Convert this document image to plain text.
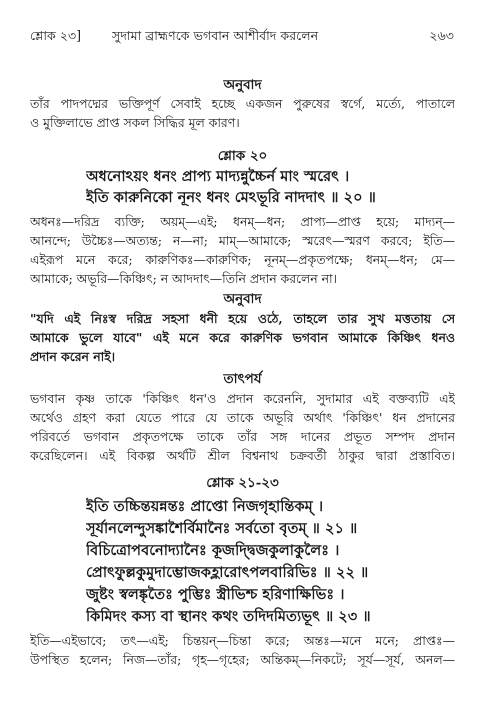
শ্লোক ২৩]	সুদামা ব্রাহ্মণকে ভগবান আশীর্বাদ করলেন	২৬৩
অনুবাদ
তাঁর পাদপদ্মের ভক্তিপূর্ণ সেবাই হচ্ছে একজন পুরুষের স্বর্গে, মর্ত্যে, পাতালে
ও মুক্তিলাভে প্রাপ্ত সকল সিদ্ধির মূল কারণ।
শ্লোক ২০
অধনোঽয়ং ধনং প্রাপ্য মাদ্যন্নুচ্চৈর্ন মাং স্মরেৎ ।
ইতি কারুনিকো নূনং ধনং মেঽভূরি নাদদাৎ ॥ ২০ ॥
অধনঃ—দরিদ্র ব্যক্তি; অয়ম্—এই; ধনম্—ধন; প্রাপ্য—প্রাপ্ত হয়ে; মাদ্যন্—
আনন্দে; উচ্চৈঃ—অত্যন্ত; ন—না; মাম্—আমাকে; স্মরেৎ—স্মরণ করবে; ইতি—
এইরূপ মনে করে; কারুণিকঃ—কারুণিক; নূনম্—প্রকৃতপক্ষে; ধনম্—ধন; মে—
আমাকে; অভূরি—কিঞ্চিৎ; ন আদদাৎ—তিনি প্রদান করলেন না।
অনুবাদ
"যদি এই নিঃস্ব দরিদ্র সহসা ধনী হয়ে ওঠে, তাহলে তার সুখ মত্ততায় সে
আমাকে ভুলে যাবে" এই মনে করে কারুণিক ভগবান আমাকে কিঞ্চিৎ ধনও
প্রদান করেন নাই।
তাৎপর্য
ভগবান কৃষ্ণ তাকে 'কিঞ্চিৎ ধন'ও প্রদান করেননি, সুদামার এই বক্তব্যটি এই
অর্থেও গ্রহণ করা যেতে পারে যে তাকে অভূরি অর্থাৎ 'কিঞ্চিৎ' ধন প্রদানের
পরিবর্তে ভগবান প্রকৃতপক্ষে তাকে তাঁর সঙ্গ দানের প্রভূত সম্পদ প্রদান
করেছিলেন। এই বিকল্প অর্থটি শ্রীল বিশ্বনাথ চক্রবর্তী ঠাকুর দ্বারা প্রস্তাবিত।
শ্লোক ২১-২৩
ইতি তচ্চিন্তয়ন্নন্তঃ প্রাপ্তো নিজগৃহান্তিকম্ ।
সূর্যানলেন্দুসঙ্কাশৈর্বিমানৈঃ সর্বতো বৃতম্ ॥ ২১ ॥
বিচিত্রোপবনোদ্যানৈঃ কূজদ্দ্বিজকুলাকুলৈঃ ।
প্রোৎফুল্লকুমুদাম্ভোজকহ্লারোৎপলবারিভিঃ ॥ ২২ ॥
জুষ্টং স্বলঙ্কৃতৈঃ পুম্ভিঃ স্ত্রীভিশ্চ হরিণাক্ষিভিঃ ।
কিমিদং কস্য বা স্থানং কথং তদিদমিত্যভূৎ ॥ ২৩ ॥
ইতি—এইভাবে; তৎ—এই; চিন্তয়ন্—চিন্তা করে; অন্তঃ—মনে মনে; প্রাপ্তঃ—
উপস্থিত হলেন; নিজ—তাঁর; গৃহ—গৃহের; অন্তিকম্—নিকটে; সূর্য—সূর্য, অনল—
